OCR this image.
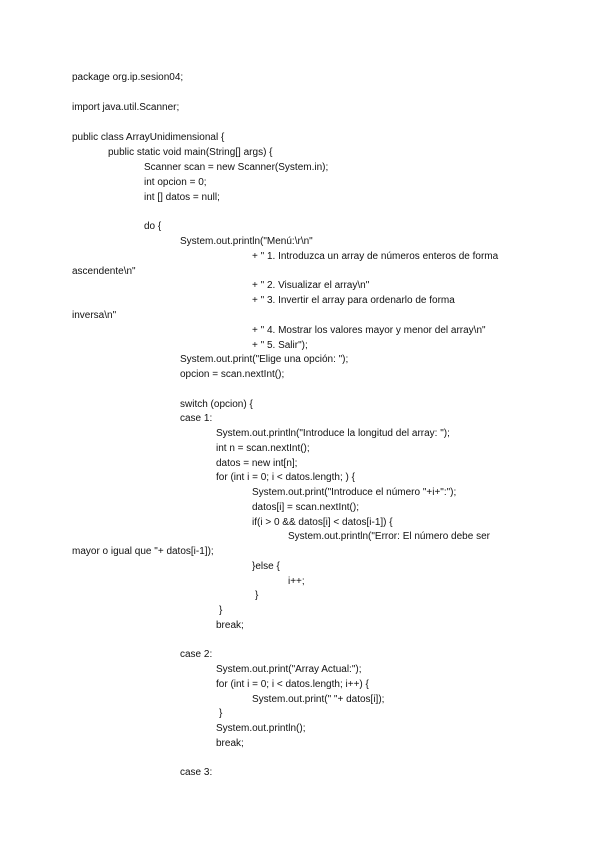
package org.ip.sesion04;
import java.util.Scanner;
public class ArrayUnidimensional {
public static void main(String[] args) {
Scanner scan = new Scanner(System.in);
int opcion = 0;
int [] datos = null;
do {
System.out.println("Menú:\r\n"
+ " 1. Introduzca un array de números enteros de forma
ascendente\n"
+ " 2. Visualizar el array\n"
+ " 3. Invertir el array para ordenarlo de forma
inversa\n"
+ " 4. Mostrar los valores mayor y menor del array\n"
+ " 5. Salir");
System.out.print("Elige una opción: ");
opcion = scan.nextInt();
switch (opcion) {
case 1:
System.out.println("Introduce la longitud del array: ");
int n = scan.nextInt();
datos = new int[n];
for (int i = 0; i < datos.length; ) {
System.out.print("Introduce el número "+i+":");
datos[i] = scan.nextInt();
if(i > 0 && datos[i] < datos[i-1]) {
System.out.println("Error: El número debe ser
mayor o igual que "+ datos[i-1]);
}else {
i++;
}
}
break;
case 2:
System.out.print("Array Actual:");
for (int i = 0; i < datos.length; i++) {
System.out.print(" "+ datos[i]);
}
System.out.println();
break;
case 3:
